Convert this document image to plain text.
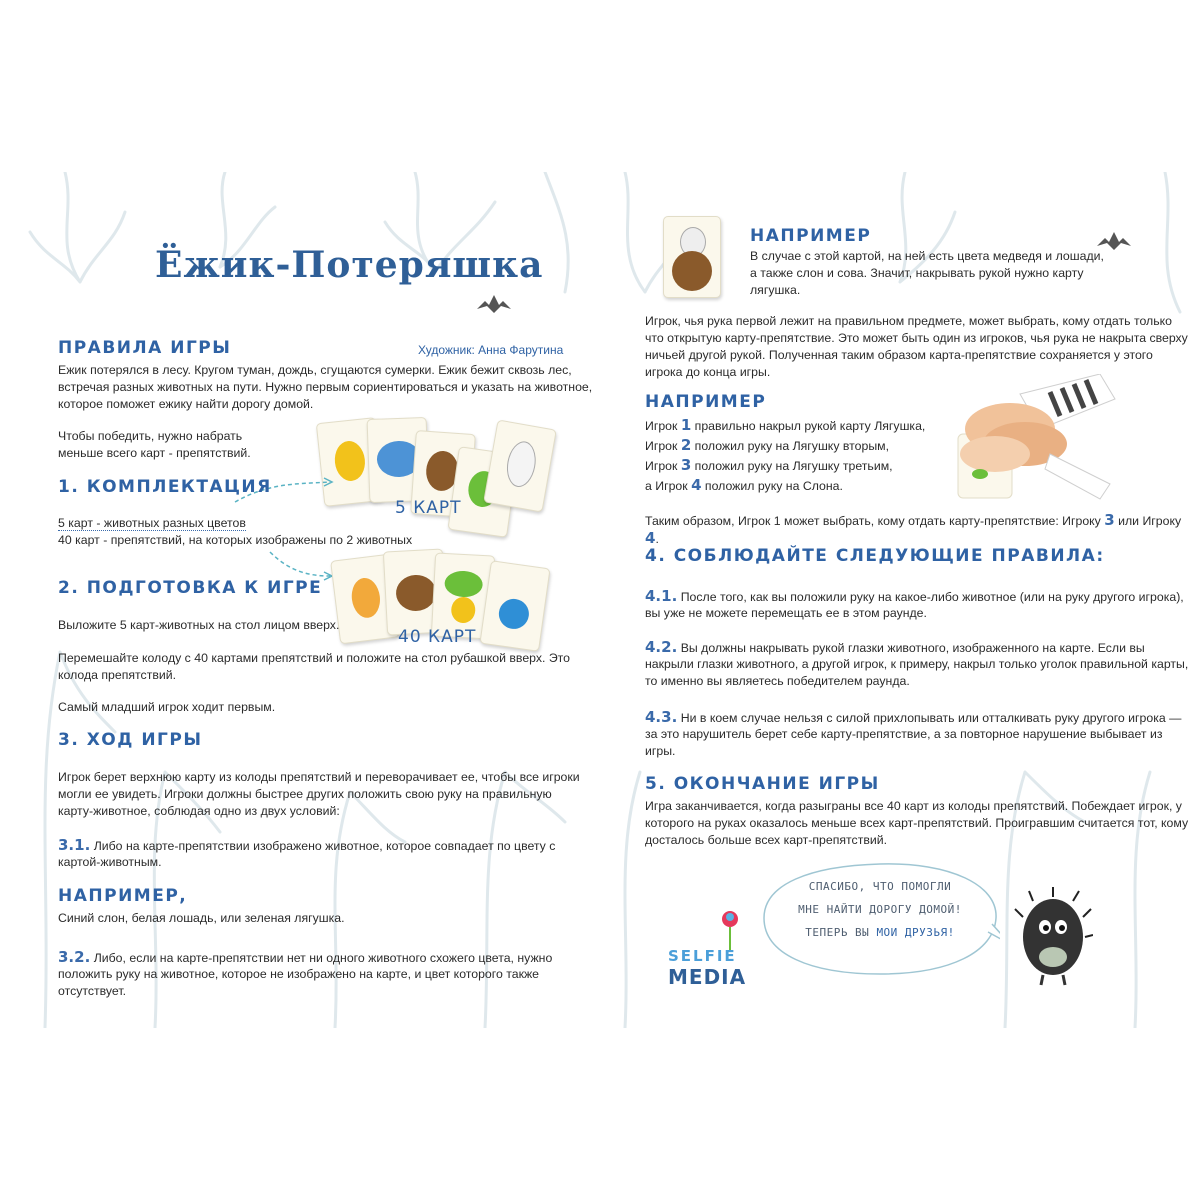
Ёжик-Потеряшка
ПРАВИЛА ИГРЫ	Художник: Анна Фарутина
Ежик потерялся в лесу. Кругом туман, дождь, сгущаются сумерки. Ежик бежит сквозь лес,
встречая разных животных на пути. Нужно первым сориентироваться и указать на животное,
которое поможет ежику найти дорогу домой.
Чтобы победить, нужно набрать
меньше всего карт - препятствий.
5 КАРТ
1. КОМПЛЕКТАЦИЯ
5 карт - животных разных цветов
40 карт - препятствий, на которых изображены по 2 животных
40 КАРТ
2. ПОДГОТОВКА К ИГРЕ
Выложите 5 карт-животных на стол лицом вверх.
Перемешайте колоду с 40 картами препятствий и положите на стол рубашкой вверх. Это
колода препятствий.
Самый младший игрок ходит первым.
3. ХОД ИГРЫ
Игрок берет верхнюю карту из колоды препятствий и переворачивает ее, чтобы все игроки
могли ее увидеть. Игроки должны быстрее других положить свою руку на правильную
карту-животное, соблюдая одно из двух условий:
3.1. Либо на карте-препятствии изображено животное, которое совпадает по цвету с
картой-животным.
НАПРИМЕР,
Синий слон, белая лошадь, или зеленая лягушка.
3.2. Либо, если на карте-препятствии нет ни одного животного схожего цвета, нужно
положить руку на животное, которое не изображено на карте, и цвет которого также
отсутствует.
НАПРИМЕР
В случае с этой картой, на ней есть цвета медведя и лошади,
а также слон и сова. Значит, накрывать рукой нужно карту
лягушка.
Игрок, чья рука первой лежит на правильном предмете, может выбрать, кому отдать только
что открытую карту-препятствие. Это может быть один из игроков, чья рука не накрыта сверху
ничьей другой рукой. Полученная таким образом карта-препятствие сохраняется у этого
игрока до конца игры.
НАПРИМЕР
Игрок 1 правильно накрыл рукой карту Лягушка,
Игрок 2 положил руку на Лягушку вторым,
Игрок 3 положил руку на Лягушку третьим,
а Игрок 4 положил руку на Слона.
Таким образом, Игрок 1 может выбрать, кому отдать карту-препятствие: Игроку 3 или Игроку 4.
4. СОБЛЮДАЙТЕ СЛЕДУЮЩИЕ ПРАВИЛА:
4.1. После того, как вы положили руку на какое-либо животное (или на руку другого игрока),
вы уже не можете перемещать ее в этом раунде.
4.2. Вы должны накрывать рукой глазки животного, изображенного на карте. Если вы
накрыли глазки животного, а другой игрок, к примеру, накрыл только уголок правильной карты,
то именно вы являетесь победителем раунда.
4.3. Ни в коем случае нельзя с силой прихлопывать или отталкивать руку другого игрока —
за это нарушитель берет себе карту-препятствие, а за повторное нарушение выбывает из
игры.
5. ОКОНЧАНИЕ ИГРЫ
Игра заканчивается, когда разыграны все 40 карт из колоды препятствий. Побеждает игрок, у
которого на руках оказалось меньше всех карт-препятствий. Проигравшим считается тот, кому
досталось больше всех карт-препятствий.
СПАСИБО, ЧТО ПОМОГЛИ
МНЕ НАЙТИ ДОРОГУ ДОМОЙ!
ТЕПЕРЬ ВЫ МОИ ДРУЗЬЯ!
SELFIE
MEDIA
